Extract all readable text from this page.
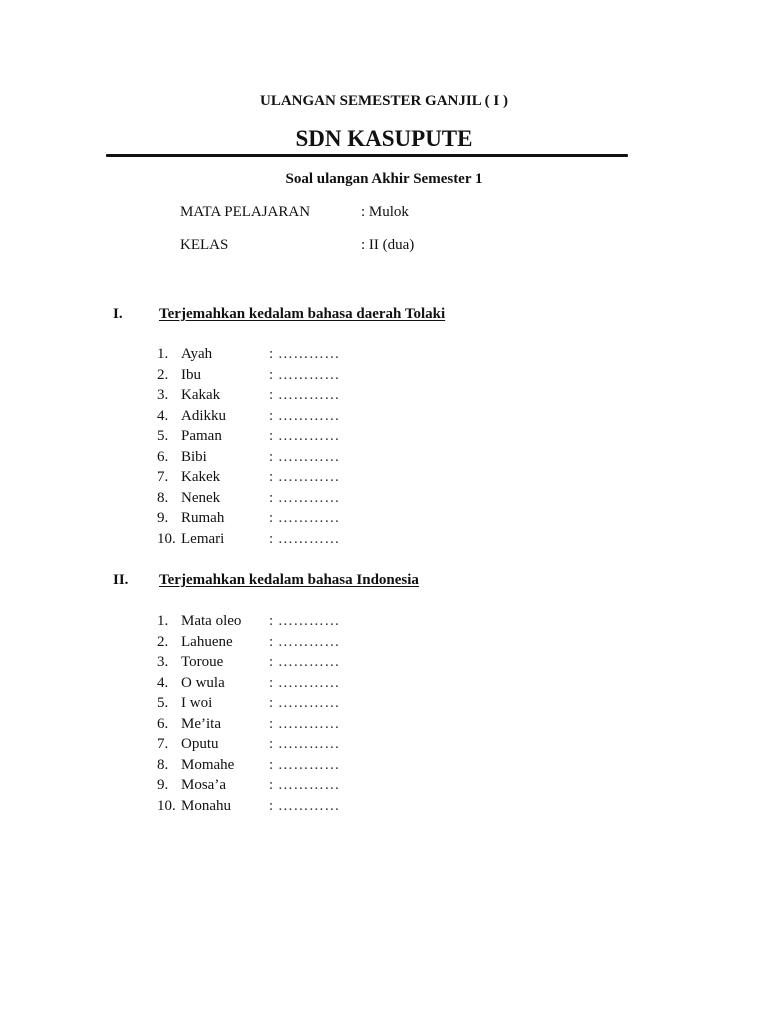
ULANGAN SEMESTER GANJIL ( I )
SDN KASUPUTE
Soal ulangan Akhir Semester 1
MATA PELAJARAN	: Mulok
KELAS	: II (dua)
I. Terjemahkan kedalam bahasa daerah Tolaki
1. Ayah	: …………
2. Ibu	: …………
3. Kakak	: …………
4. Adikku	: …………
5. Paman	: …………
6. Bibi	: …………
7. Kakek	: …………
8. Nenek	: …………
9. Rumah	: …………
10. Lemari	: …………
II. Terjemahkan kedalam bahasa Indonesia
1. Mata oleo : …………
2. Lahuene : …………
3. Toroue	: …………
4. O wula	: …………
5. I woi	: …………
6. Me’ita	: …………
7. Oputu	: …………
8. Momahe : …………
9. Mosa’a	: …………
10. Monahu	: …………
